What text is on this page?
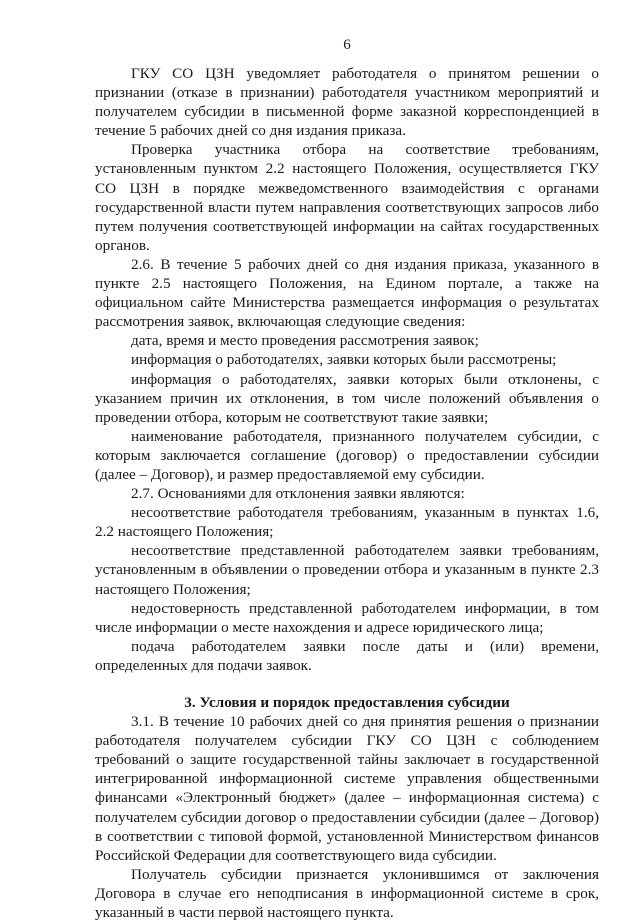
6

ГКУ СО ЦЗН уведомляет работодателя о принятом решении о признании (отказе в признании) работодателя участником мероприятий и получателем субсидии в письменной форме заказной корреспонденцией в течение 5 рабочих дней со дня издания приказа.

Проверка участника отбора на соответствие требованиям, установленным пунктом 2.2 настоящего Положения, осуществляется ГКУ СО ЦЗН в порядке межведомственного взаимодействия с органами государственной власти путем направления соответствующих запросов либо путем получения соответствующей информации на сайтах государственных органов.

2.6. В течение 5 рабочих дней со дня издания приказа, указанного в пункте 2.5 настоящего Положения, на Едином портале, а также на официальном сайте Министерства размещается информация о результатах рассмотрения заявок, включающая следующие сведения:

дата, время и место проведения рассмотрения заявок;

информация о работодателях, заявки которых были рассмотрены;

информация о работодателях, заявки которых были отклонены, с указанием причин их отклонения, в том числе положений объявления о проведении отбора, которым не соответствуют такие заявки;

наименование работодателя, признанного получателем субсидии, с которым заключается соглашение (договор) о предоставлении субсидии (далее – Договор), и размер предоставляемой ему субсидии.

2.7. Основаниями для отклонения заявки являются:

несоответствие работодателя требованиям, указанным в пунктах 1.6, 2.2 настоящего Положения;

несоответствие представленной работодателем заявки требованиям, установленным в объявлении о проведении отбора и указанным в пункте 2.3 настоящего Положения;

недостоверность представленной работодателем информации, в том числе информации о месте нахождения и адресе юридического лица;

подача работодателем заявки после даты и (или) времени, определенных для подачи заявок.

3. Условия и порядок предоставления субсидии

3.1. В течение 10 рабочих дней со дня принятия решения о признании работодателя получателем субсидии ГКУ СО ЦЗН с соблюдением требований о защите государственной тайны заключает в государственной интегрированной информационной системе управления общественными финансами «Электронный бюджет» (далее – информационная система) с получателем субсидии договор о предоставлении субсидии (далее – Договор) в соответствии с типовой формой, установленной Министерством финансов Российской Федерации для соответствующего вида субсидии.

Получатель субсидии признается уклонившимся от заключения Договора в случае его неподписания в информационной системе в срок, указанный в части первой настоящего пункта.
